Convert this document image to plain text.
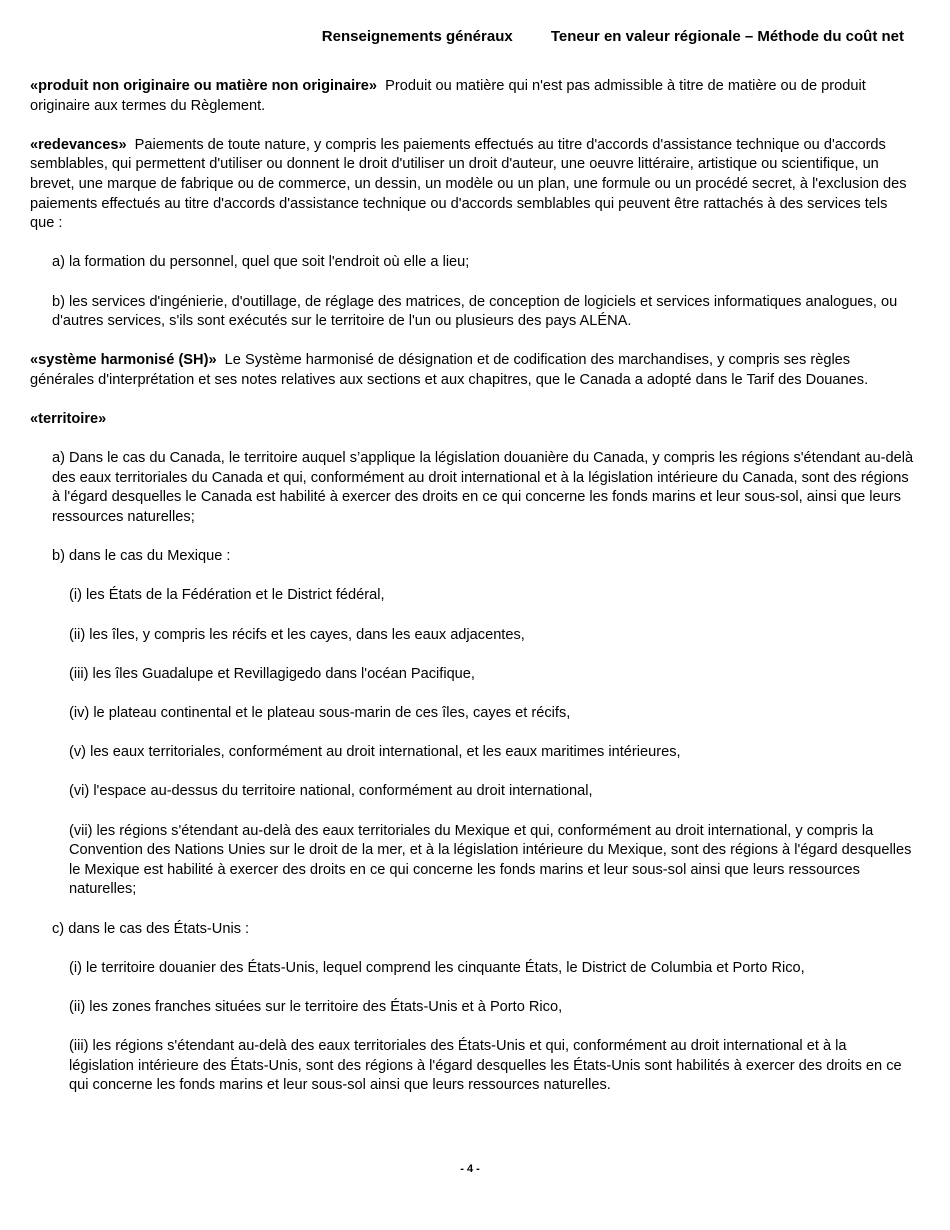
Renseignements généraux	Teneur en valeur régionale – Méthode du coût net

«produit non originaire ou matière non originaire» Produit ou matière qui n'est pas admissible à titre de matière ou de produit originaire aux termes du Règlement.

«redevances» Paiements de toute nature, y compris les paiements effectués au titre d'accords d'assistance technique ou d'accords semblables, qui permettent d'utiliser ou donnent le droit d'utiliser un droit d'auteur, une oeuvre littéraire, artistique ou scientifique, un brevet, une marque de fabrique ou de commerce, un dessin, un modèle ou un plan, une formule ou un procédé secret, à l'exclusion des paiements effectués au titre d'accords d'assistance technique ou d'accords semblables qui peuvent être rattachés à des services tels que :

a) la formation du personnel, quel que soit l'endroit où elle a lieu;

b) les services d'ingénierie, d'outillage, de réglage des matrices, de conception de logiciels et services informatiques analogues, ou d'autres services, s'ils sont exécutés sur le territoire de l'un ou plusieurs des pays ALÉNA.

«système harmonisé (SH)» Le Système harmonisé de désignation et de codification des marchandises, y compris ses règles générales d'interprétation et ses notes relatives aux sections et aux chapitres, que le Canada a adopté dans le Tarif des Douanes.

«territoire»

a) Dans le cas du Canada, le territoire auquel s’applique la législation douanière du Canada, y compris les régions s'étendant au-delà des eaux territoriales du Canada et qui, conformément au droit international et à la législation intérieure du Canada, sont des régions à l'égard desquelles le Canada est habilité à exercer des droits en ce qui concerne les fonds marins et leur sous-sol, ainsi que leurs ressources naturelles;

b) dans le cas du Mexique :

(i) les États de la Fédération et le District fédéral,

(ii) les îles, y compris les récifs et les cayes, dans les eaux adjacentes,

(iii) les îles Guadalupe et Revillagigedo dans l'océan Pacifique,

(iv) le plateau continental et le plateau sous-marin de ces îles, cayes et récifs,

(v) les eaux territoriales, conformément au droit international, et les eaux maritimes intérieures,

(vi) l'espace au-dessus du territoire national, conformément au droit international,

(vii) les régions s'étendant au-delà des eaux territoriales du Mexique et qui, conformément au droit international, y compris la Convention des Nations Unies sur le droit de la mer, et à la législation intérieure du Mexique, sont des régions à l'égard desquelles le Mexique est habilité à exercer des droits en ce qui concerne les fonds marins et leur sous-sol ainsi que leurs ressources naturelles;

c) dans le cas des États-Unis :

(i) le territoire douanier des États-Unis, lequel comprend les cinquante États, le District de Columbia et Porto Rico,

(ii) les zones franches situées sur le territoire des États-Unis et à Porto Rico,

(iii) les régions s'étendant au-delà des eaux territoriales des États-Unis et qui, conformément au droit international et à la législation intérieure des États-Unis, sont des régions à l'égard desquelles les États-Unis sont habilités à exercer des droits en ce qui concerne les fonds marins et leur sous-sol ainsi que leurs ressources naturelles.

- 4 -
